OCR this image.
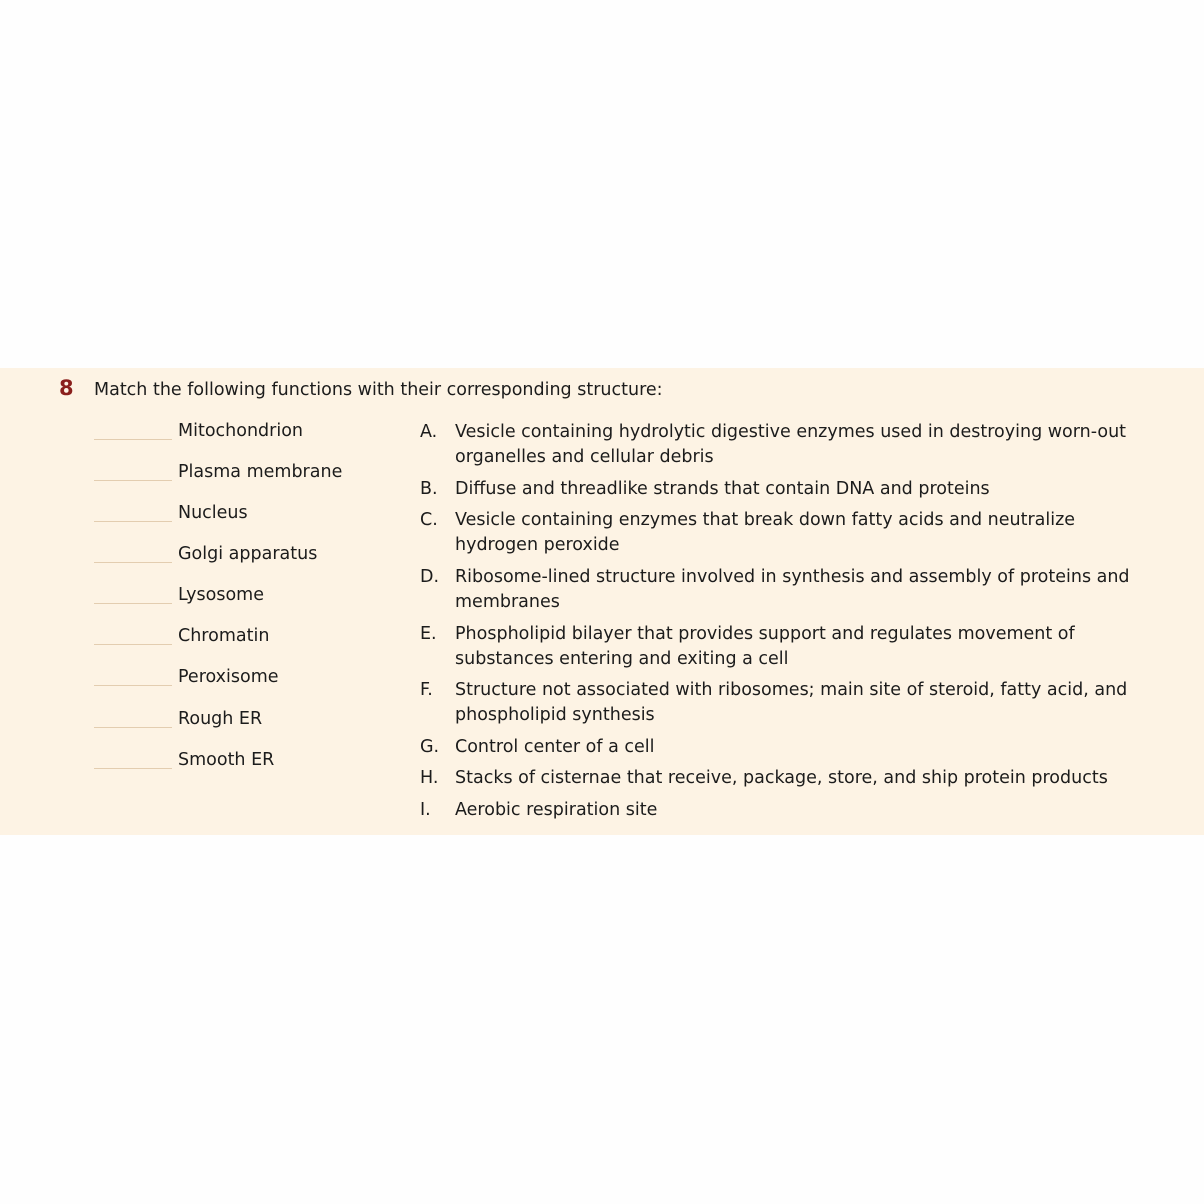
8 Match the following functions with their corresponding structure:
Mitochondrion
Plasma membrane
Nucleus
Golgi apparatus
Lysosome
Chromatin
Peroxisome
Rough ER
Smooth ER
A. Vesicle containing hydrolytic digestive enzymes used in destroying worn-out organelles and cellular debris
B. Diffuse and threadlike strands that contain DNA and proteins
C. Vesicle containing enzymes that break down fatty acids and neutralize hydrogen peroxide
D. Ribosome-lined structure involved in synthesis and assembly of proteins and membranes
E. Phospholipid bilayer that provides support and regulates movement of substances entering and exiting a cell
F. Structure not associated with ribosomes; main site of steroid, fatty acid, and phospholipid synthesis
G. Control center of a cell
H. Stacks of cisternae that receive, package, store, and ship protein products
I. Aerobic respiration site
